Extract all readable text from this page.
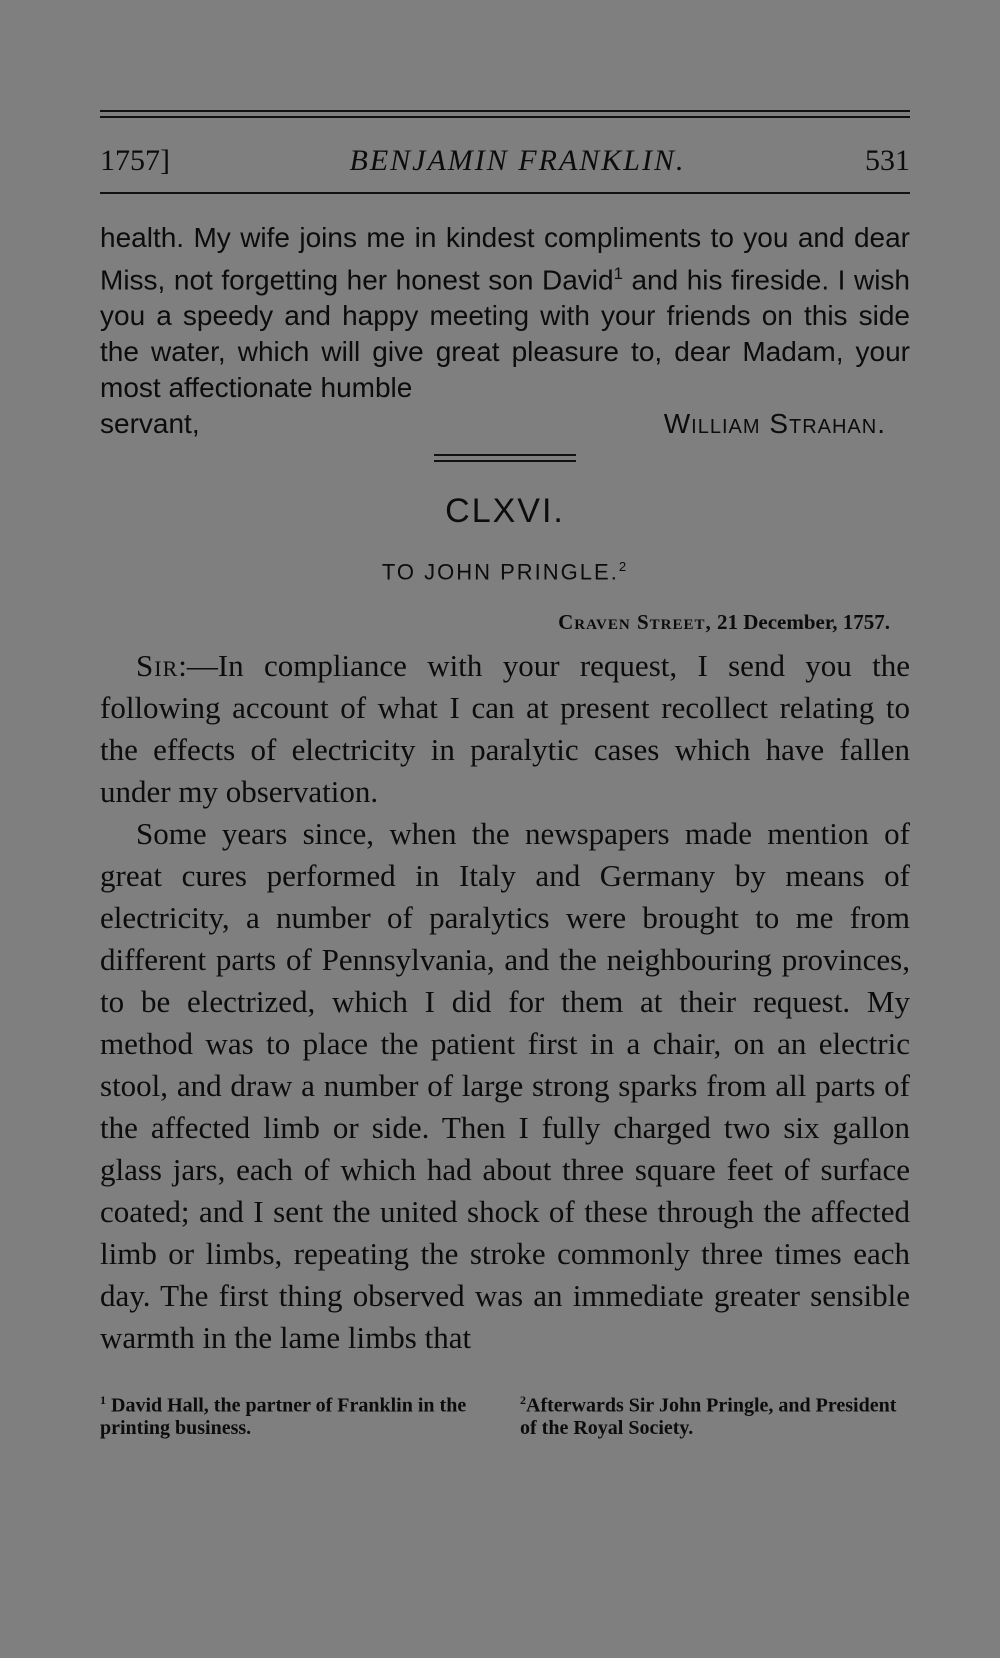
1757]	BENJAMIN FRANKLIN.	531

health. My wife joins me in kindest compliments to you and dear Miss, not forgetting her honest son David$^1$ and his fireside. I wish you a speedy and happy meeting with your friends on this side the water, which will give great pleasure to, dear Madam, your most affectionate humble

servant,	William Strahan.
CLXVI.
TO JOHN PRINGLE.$^2$
Craven Street, 21 December, 1757.

Sir:—In compliance with your request, I send you the following account of what I can at present recollect relating to the effects of electricity in paralytic cases which have fallen under my observation.

Some years since, when the newspapers made mention of great cures performed in Italy and Germany by means of electricity, a number of paralytics were brought to me from different parts of Pennsylvania, and the neighbouring provinces, to be electrized, which I did for them at their request. My method was to place the patient first in a chair, on an electric stool, and draw a number of large strong sparks from all parts of the affected limb or side. Then I fully charged two six gallon glass jars, each of which had about three square feet of surface coated; and I sent the united shock of these through the affected limb or limbs, repeating the stroke commonly three times each day. The first thing observed was an immediate greater sensible warmth in the lame limbs that

$^1$ David Hall, the partner of Franklin in the printing business.
$^2$Afterwards Sir John Pringle, and President of the Royal Society.
